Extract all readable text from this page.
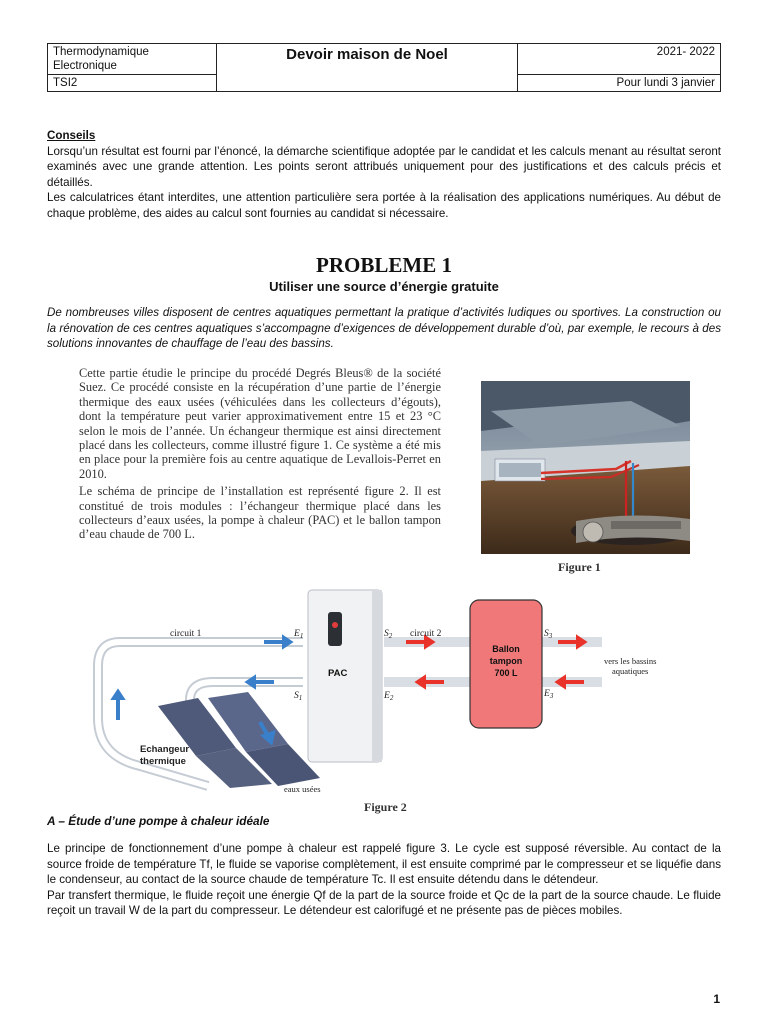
Thermodynamique
Electronique	Devoir maison de Noel	2021- 2022
TSI2		Pour lundi 3 janvier
Conseils
Lorsqu’un résultat est fourni par l’énoncé, la démarche scientifique adoptée par le candidat et les calculs menant au résultat seront examinés avec une grande attention. Les points seront attribués uniquement pour des justifications et des calculs précis et détaillés.
Les calculatrices étant interdites, une attention particulière sera portée à la réalisation des applications numériques. Au début de chaque problème, des aides au calcul sont fournies au candidat si nécessaire.
PROBLEME 1
Utiliser une source d’énergie gratuite
De nombreuses villes disposent de centres aquatiques permettant la pratique d’activités ludiques ou sportives. La construction ou la rénovation de ces centres aquatiques s’accompagne d’exigences de développement durable d’où, par exemple, le recours à des solutions innovantes de chauffage de l’eau des bassins.

Cette partie étudie le principe du procédé Degrés Bleus® de la société Suez. Ce procédé consiste en la récupération d’une partie de l’énergie thermique des eaux usées (véhiculées dans les collecteurs d’égouts), dont la température peut varier approximativement entre 15 et 23 °C selon le mois de l’année. Un échangeur thermique est ainsi directement placé dans les collecteurs, comme illustré figure 1. Ce système a été mis en place pour la première fois au centre aquatique de Levallois-Perret en 2010.

Le schéma de principe de l’installation est représenté figure 2. Il est constitué de trois modules : l’échangeur thermique placé dans les collecteurs d’eaux usées, la pompe à chaleur (PAC) et le ballon tampon d’eau chaude de 700 L.

Figure 1
PAC
Ballon
tampon
700 L
circuit 1	circuit 2
$E_1$
$S_1$
$S_2$
$E_2$
$S_3$
$E_3$
vers les bassins
aquatiques
Echangeur
thermique
eaux usées
Figure 2
A – Étude d’une pompe à chaleur idéale
Le principe de fonctionnement d’une pompe à chaleur est rappelé figure 3. Le cycle est supposé réversible. Au contact de la source froide de température Tf, le fluide se vaporise complètement, il est ensuite comprimé par le compresseur et se liquéfie dans le condenseur, au contact de la source chaude de température Tc. Il est ensuite détendu dans le détendeur.
Par transfert thermique, le fluide reçoit une énergie Qf de la part de la source froide et Qc de la part de la source chaude. Le fluide reçoit un travail W de la part du compresseur. Le détendeur est calorifugé et ne présente pas de pièces mobiles.
1
